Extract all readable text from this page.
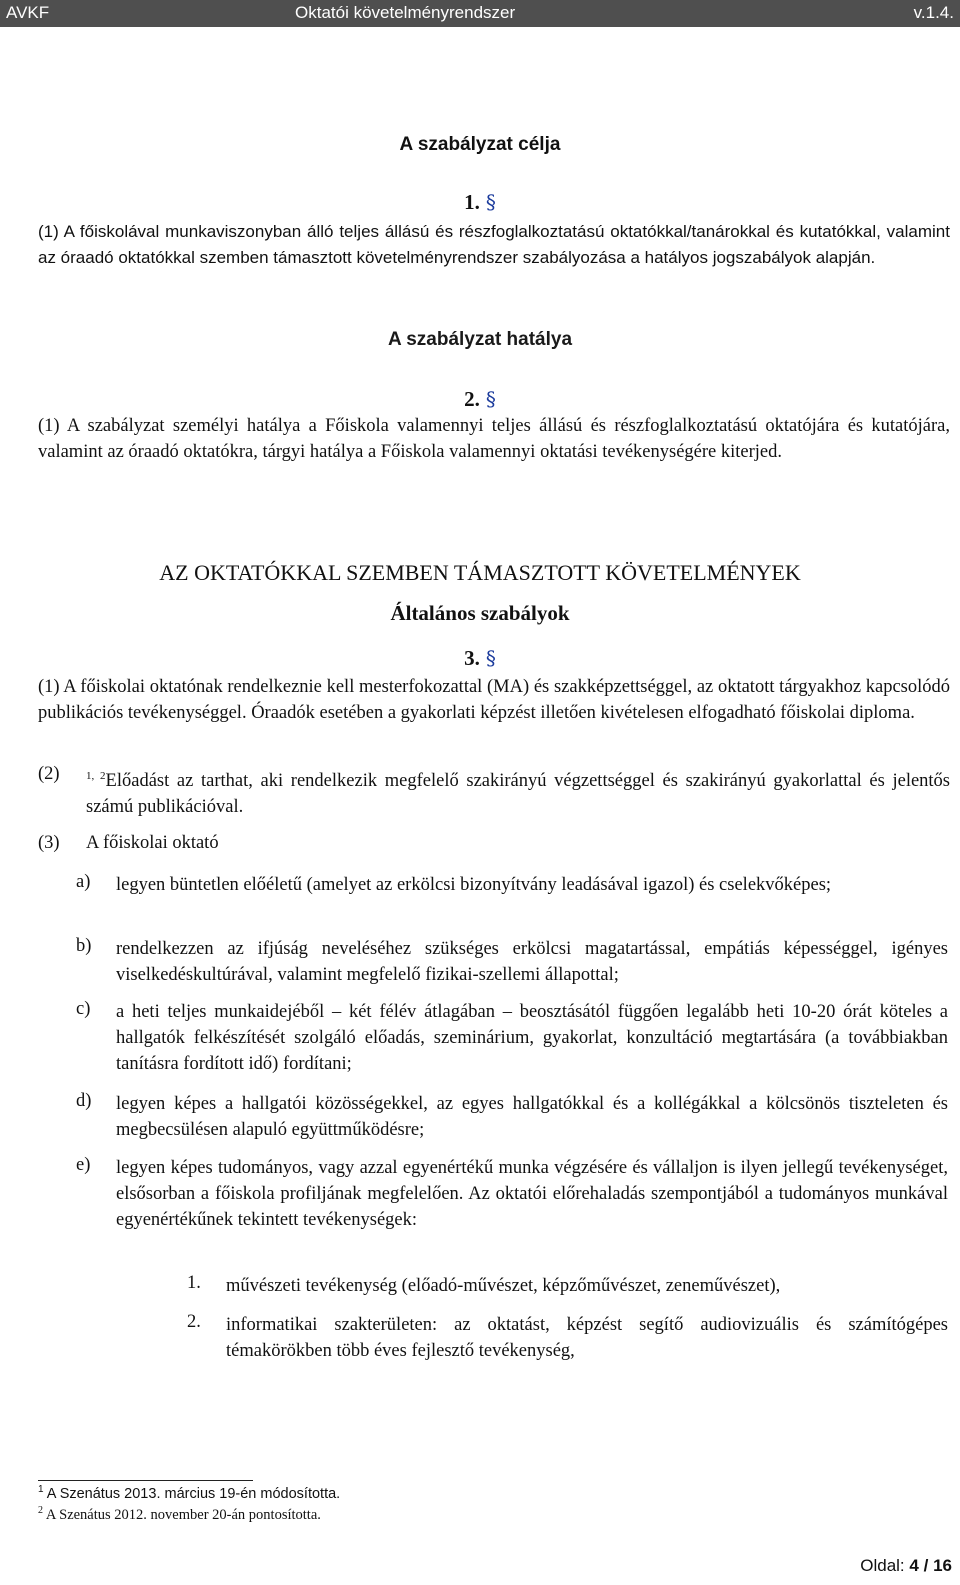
AVKF	Oktatói követelményrendszer	v.1.4.
A szabályzat célja
1. §
(1) A főiskolával munkaviszonyban álló teljes állású és részfoglalkoztatású oktatókkal/tanárokkal és kutatókkal, valamint az óraadó oktatókkal szemben támasztott követelményrendszer szabályozása a hatályos jogszabályok alapján.
A szabályzat hatálya
2. §
(1) A szabályzat személyi hatálya a Főiskola valamennyi teljes állású és részfoglalkoztatású oktatójára és kutatójára, valamint az óraadó oktatókra, tárgyi hatálya a Főiskola valamennyi oktatási tevékenységére kiterjed.
AZ OKTATÓKKAL SZEMBEN TÁMASZTOTT KÖVETELMÉNYEK
Általános szabályok
3. §
(1) A főiskolai oktatónak rendelkeznie kell mesterfokozattal (MA) és szakképzettséggel, az oktatott tárgyakhoz kapcsolódó publikációs tevékenységgel. Óraadók esetében a gyakorlati képzést illetően kivételesen elfogadható főiskolai diploma.
(2) $^{1, 2}$Előadást az tarthat, aki rendelkezik megfelelő szakirányú végzettséggel és szakirányú gyakorlattal és jelentős számú publikációval.
(3) A főiskolai oktató
a) legyen büntetlen előéletű (amelyet az erkölcsi bizonyítvány leadásával igazol) és cselekvőképes;
b) rendelkezzen az ifjúság neveléséhez szükséges erkölcsi magatartással, empátiás képességgel, igényes viselkedéskultúrával, valamint megfelelő fizikai-szellemi állapottal;
c) a heti teljes munkaidejéből – két félév átlagában – beosztásától függően legalább heti 10-20 órát köteles a hallgatók felkészítését szolgáló előadás, szeminárium, gyakorlat, konzultáció megtartására (a továbbiakban tanításra fordított idő) fordítani;
d) legyen képes a hallgatói közösségekkel, az egyes hallgatókkal és a kollégákkal a kölcsönös tiszteleten és megbecsülésen alapuló együttműködésre;
e) legyen képes tudományos, vagy azzal egyenértékű munka végzésére és vállaljon is ilyen jellegű tevékenységet, elsősorban a főiskola profiljának megfelelően. Az oktatói előrehaladás szempontjából a tudományos munkával egyenértékűnek tekintett tevékenységek:
1. művészeti tevékenység (előadó-művészet, képzőművészet, zeneművészet),
2. informatikai szakterületen: az oktatást, képzést segítő audiovizuális és számítógépes témakörökben több éves fejlesztő tevékenység,
$^1$ A Szenátus 2013. március 19-én módosította.
$^2$ A Szenátus 2012. november 20-án pontosította.
Oldal: 4 / 16
